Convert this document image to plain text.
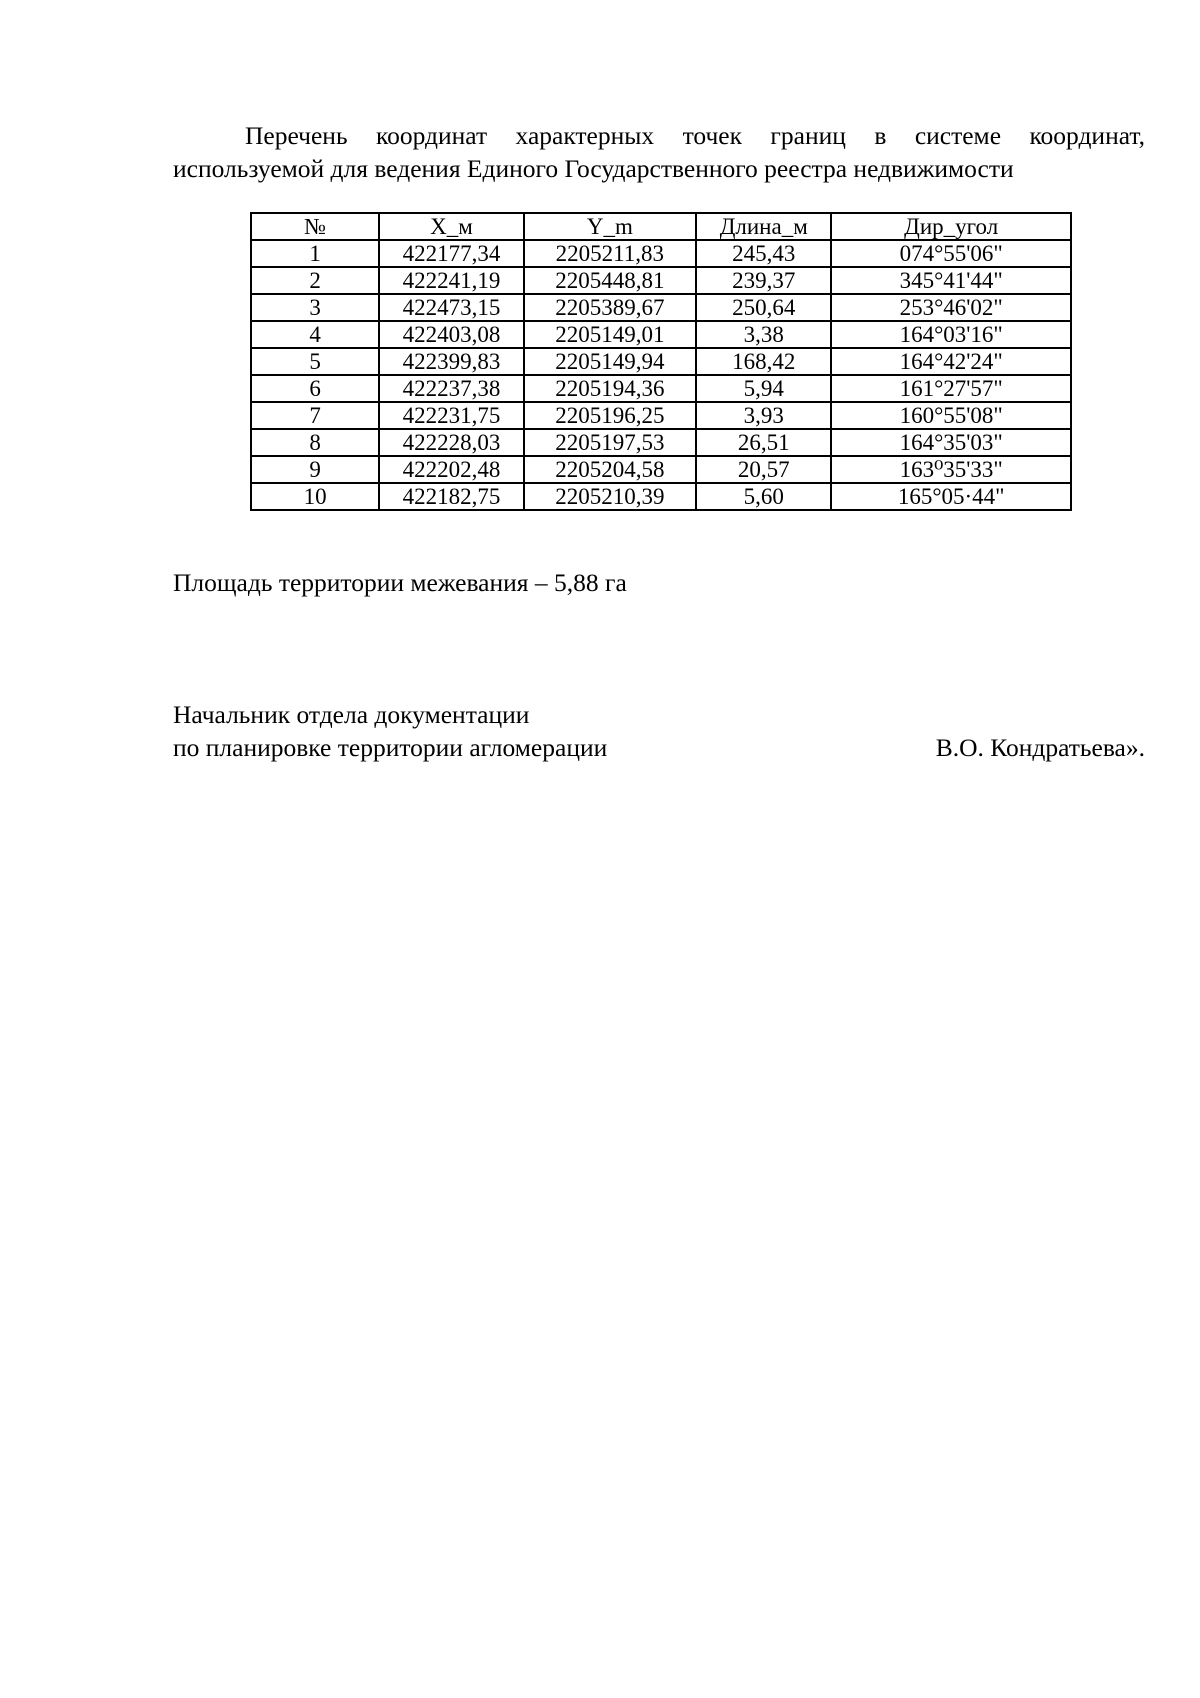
Перечень координат характерных точек границ в системе координат,
используемой для ведения Единого Государственного реестра недвижимости
№	X_м	Y_m	Длина_м	Дир_угол
1	422177,34	2205211,83	245,43	074°55'06"
2	422241,19	2205448,81	239,37	345°41'44"
3	422473,15	2205389,67	250,64	253°46'02"
4	422403,08	2205149,01	3,38	164°03'16"
5	422399,83	2205149,94	168,42	164°42'24"
6	422237,38	2205194,36	5,94	161°27'57"
7	422231,75	2205196,25	3,93	160°55'08"
8	422228,03	2205197,53	26,51	164°35'03"
9	422202,48	2205204,58	20,57	163⁰35'33"
10	422182,75	2205210,39	5,60	165°05·44"
Площадь территории межевания – 5,88 га
Начальник отдела документации
по планировке территории агломерации	В.О. Кондратьева».
